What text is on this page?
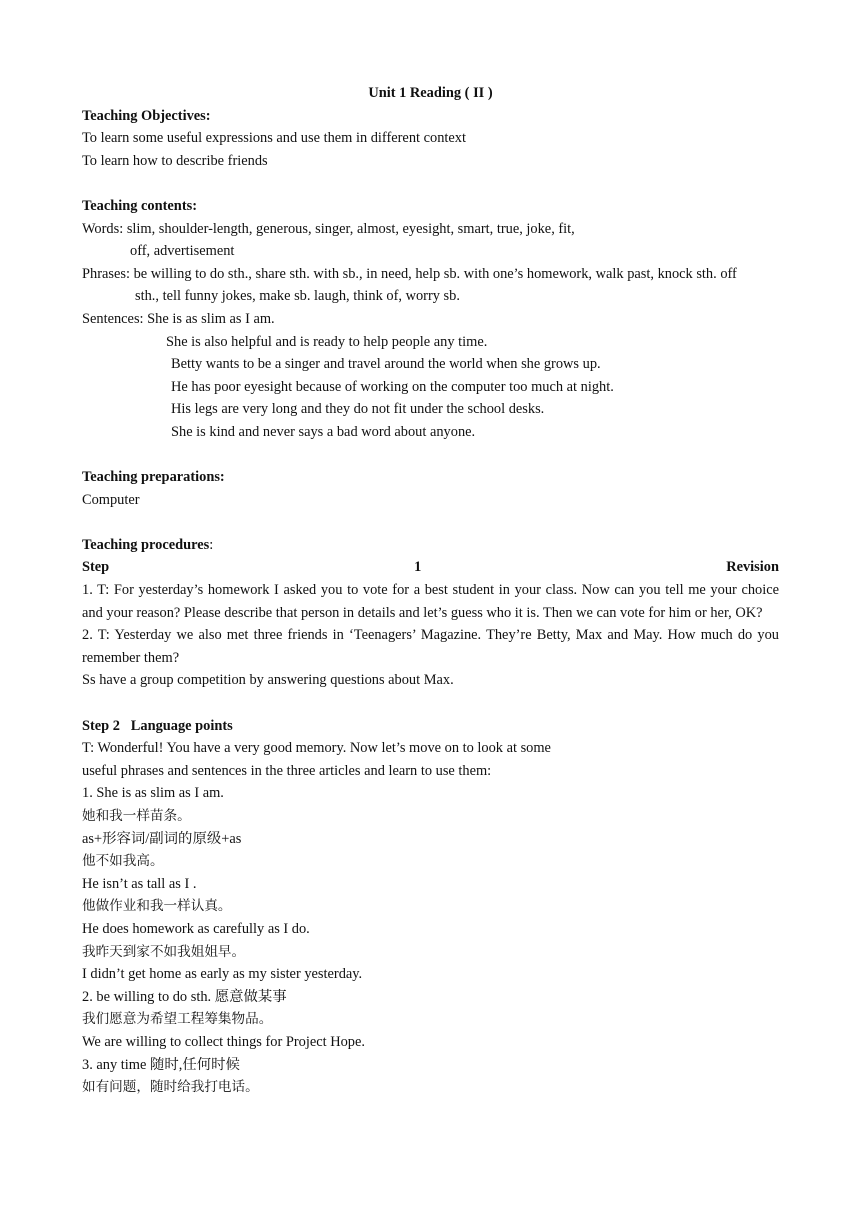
Unit 1 Reading ( II )
Teaching Objectives:
To learn some useful expressions and use them in different context
To learn how to describe friends
Teaching contents:
Words: slim, shoulder-length, generous, singer, almost, eyesight, smart, true, joke, fit,
off, advertisement
Phrases: be willing to do sth., share sth. with sb., in need, help sb. with one’s homework, walk past, knock sth. off
sth., tell funny jokes, make sb. laugh, think of, worry sb.
Sentences: She is as slim as I am.
She is also helpful and is ready to help people any time.
Betty wants to be a singer and travel around the world when she grows up.
He has poor eyesight because of working on the computer too much at night.
His legs are very long and they do not fit under the school desks.
She is kind and never says a bad word about anyone.
Teaching preparations:
Computer
Teaching procedures:
Step	1	Revision
1. T: For yesterday’s homework I asked you to vote for a best student in your class. Now can you tell me your choice and your reason? Please describe that person in details and let’s guess who it is. Then we can vote for him or her, OK?
2. T: Yesterday we also met three friends in ‘Teenagers’ Magazine. They’re Betty, Max and May. How much do you remember them?
Ss have a group competition by answering questions about Max.
Step 2   Language points
T: Wonderful! You have a very good memory. Now let’s move on to look at some
useful phrases and sentences in the three articles and learn to use them:
1. She is as slim as I am.
她和我一样苗条。
as+形容词/副词的原级+as
他不如我高。
He isn’t as tall as I .
他做作业和我一样认真。
He does homework as carefully as I do.
我昨天到家不如我姐姐早。
I didn’t get home as early as my sister yesterday.
2. be willing to do sth. 愿意做某事
我们愿意为希望工程筹集物品。
We are willing to collect things for Project Hope.
3. any time 随时,任何时候
如有问题，随时给我打电话。
